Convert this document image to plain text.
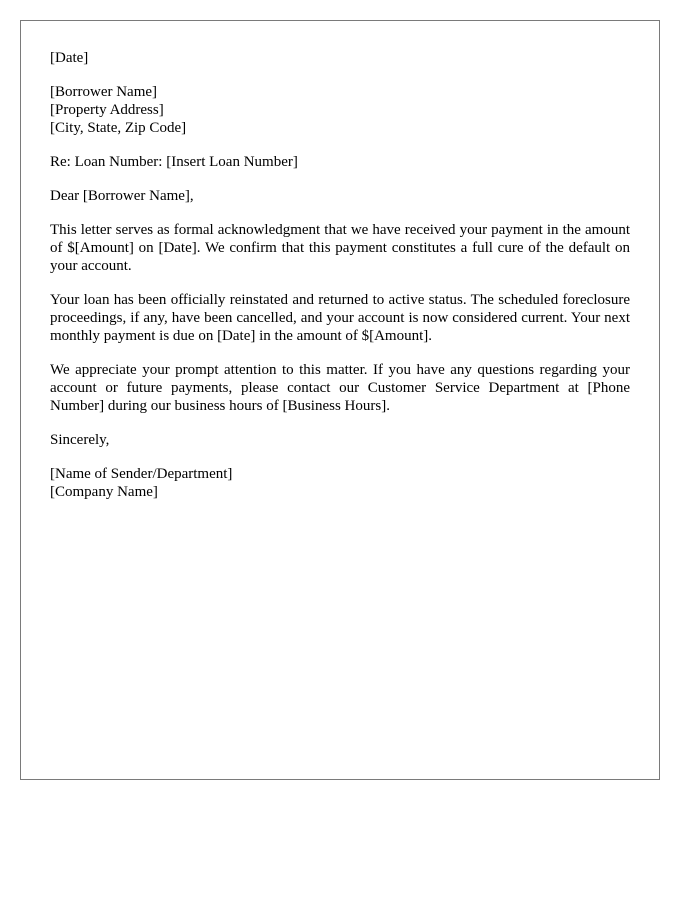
[Date]
[Borrower Name]
[Property Address]
[City, State, Zip Code]
Re: Loan Number: [Insert Loan Number]
Dear [Borrower Name],

This letter serves as formal acknowledgment that we have received your payment in the amount of $[Amount] on [Date]. We confirm that this payment constitutes a full cure of the default on your account.

Your loan has been officially reinstated and returned to active status. The scheduled foreclosure proceedings, if any, have been cancelled, and your account is now considered current. Your next monthly payment is due on [Date] in the amount of $[Amount].

We appreciate your prompt attention to this matter. If you have any questions regarding your account or future payments, please contact our Customer Service Department at [Phone Number] during our business hours of [Business Hours].

Sincerely,
[Name of Sender/Department]
[Company Name]
